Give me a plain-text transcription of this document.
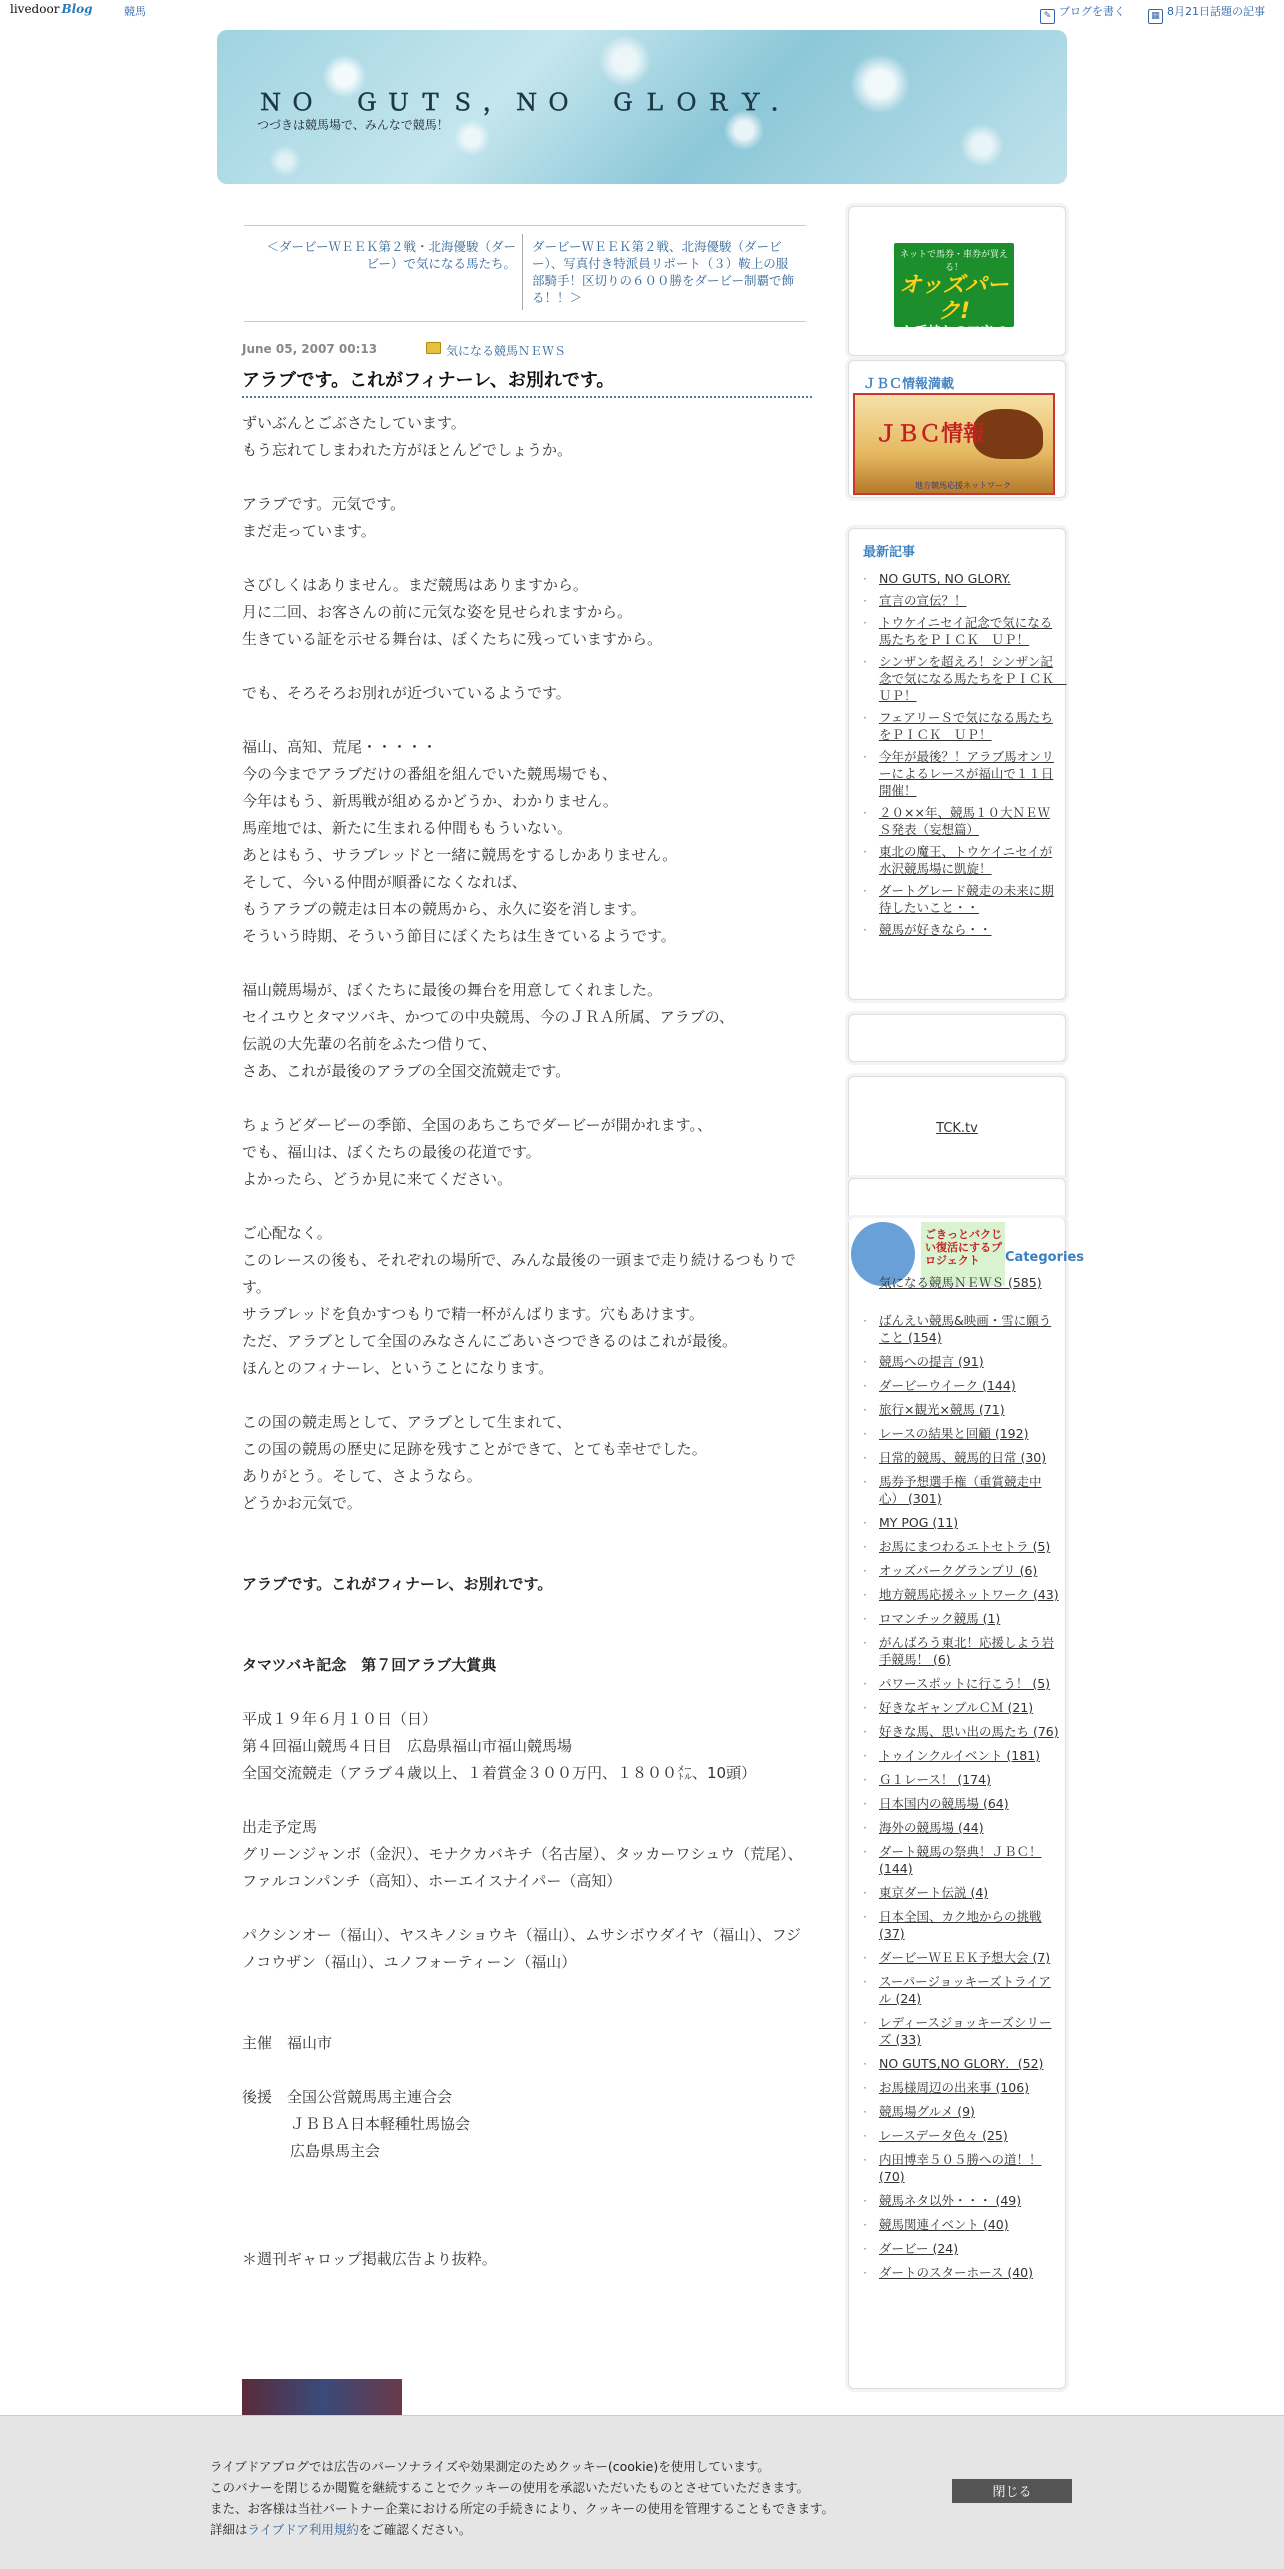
livedoor Blog	競馬	✎ ブログを書く	▦ 8月21日話題の記事
ＮＯ　ＧＵＴＳ，ＮＯ　ＧＬＯＲＹ．
つづきは競馬場で、みんなで競馬！
＜ダービーＷＥＥＫ第２戦・北海優駿（ダービー）で気になる馬たち。
ダービーＷＥＥＫ第２戦、北海優駿（ダービー）、写真付き特派員リポート（３）鞍上の服部騎手！区切りの６００勝をダービー制覇で飾る！！＞
June 05, 2007 00:13	気になる競馬ＮＥＷＳ
アラブです。これがフィナーレ、お別れです。

ずいぶんとごぶさたしています。
もう忘れてしまわれた方がほとんどでしょうか。

アラブです。元気です。
まだ走っています。

さびしくはありません。まだ競馬はありますから。
月に二回、お客さんの前に元気な姿を見せられますから。
生きている証を示せる舞台は、ぼくたちに残っていますから。

でも、そろそろお別れが近づいているようです。

福山、高知、荒尾・・・・・
今の今までアラブだけの番組を組んでいた競馬場でも、
今年はもう、新馬戦が組めるかどうか、わかりません。
馬産地では、新たに生まれる仲間ももういない。
あとはもう、サラブレッドと一緒に競馬をするしかありません。
そして、今いる仲間が順番になくなれば、
もうアラブの競走は日本の競馬から、永久に姿を消します。
そういう時期、そういう節目にぼくたちは生きているようです。

福山競馬場が、ぼくたちに最後の舞台を用意してくれました。
セイユウとタマツバキ、かつての中央競馬、今のＪＲＡ所属、アラブの、
伝説の大先輩の名前をふたつ借りて、
さあ、これが最後のアラブの全国交流競走です。

ちょうどダービーの季節、全国のあちこちでダービーが開かれます。、
でも、福山は、ぼくたちの最後の花道です。
よかったら、どうか見に来てください。

ご心配なく。
このレースの後も、それぞれの場所で、みんな最後の一頭まで走り続けるつもりです。
サラブレッドを負かすつもりで精一杯がんばります。穴もあけます。
ただ、アラブとして全国のみなさんにごあいさつできるのはこれが最後。
ほんとのフィナーレ、ということになります。

この国の競走馬として、アラブとして生まれて、
この国の競馬の歴史に足跡を残すことができて、とても幸せでした。
ありがとう。そして、さようなら。
どうかお元気で。

アラブです。これがフィナーレ、お別れです。

タマツバキ記念　第７回アラブ大賞典

平成１９年６月１０日（日）
第４回福山競馬４日目　広島県福山市福山競馬場
全国交流競走（アラブ４歳以上、１着賞金３００万円、１８００㍍、10頭）

出走予定馬
グリーンジャンボ（金沢）、モナクカバキチ（名古屋）、タッカーワシュウ（荒尾）、ファルコンパンチ（高知）、ホーエイスナイパー（高知）

パクシンオー（福山）、ヤスキノショウキ（福山）、ムサシボウダイヤ（福山）、フジノコウザン（福山）、ユノフォーティーン（福山）

主催　福山市

後援　全国公営競馬馬主連合会
ＪＢＢＡ日本軽種牡馬協会
広島県馬主会

＊週刊ギャロップ掲載広告より抜粋。

ネットで馬券・車券が買える！
オッズパーク!
お手持ちの口座で
簡単登録！
ＪＢＣ情報満載
ＪＢＣ情報
地方競馬応援ネットワーク
最新記事
· NO GUTS, NO GLORY.
· 宣言の宣伝？！
· トウケイニセイ記念で気になる馬たちをＰＩＣＫ　ＵＰ！
· シンザンを超えろ！シンザン記念で気になる馬たちをＰＩＣＫ　ＵＰ！
· フェアリーＳで気になる馬たちをＰＩＣＫ　ＵＰ！
· 今年が最後？！アラブ馬オンリーによるレースが福山で１１日開催！
· ２０××年、競馬１０大ＮＥＷＳ発表（妄想篇）
· 東北の魔王、トウケイニセイが水沢競馬場に凱旋！
· ダートグレード競走の未来に期待したいこと・・
· 競馬が好きなら・・
TCK.tv
ごきっとバクじい復活にするプロジェクト	Categories
気になる競馬ＮＥＷＳ (585)
· ばんえい競馬&映画・雪に願うこと (154)
· 競馬への提言 (91)
· ダービーウイーク (144)
· 旅行×観光×競馬 (71)
· レースの結果と回顧 (192)
· 日常的競馬、競馬的日常 (30)
· 馬券予想選手権（重賞競走中心） (301)
· MY POG (11)
· お馬にまつわるエトセトラ (5)
· オッズパークグランプリ (6)
· 地方競馬応援ネットワーク (43)
· ロマンチック競馬 (1)
· がんばろう東北！応援しよう岩手競馬！ (6)
· パワースポットに行こう！ (5)
· 好きなギャンブルＣＭ (21)
· 好きな馬、思い出の馬たち (76)
· トゥインクルイベント (181)
· Ｇ１レース！ (174)
· 日本国内の競馬場 (64)
· 海外の競馬場 (44)
· ダート競馬の祭典！ＪＢＣ！ (144)
· 東京ダート伝説 (4)
· 日本全国、カク地からの挑戦 (37)
· ダービーＷＥＥＫ予想大会 (7)
· スーパージョッキーズトライアル (24)
· レディースジョッキーズシリーズ (33)
· NO GUTS,NO GLORY．(52)
· お馬様周辺の出来事 (106)
· 競馬場グルメ (9)
· レースデータ色々 (25)
· 内田博幸５０５勝への道！！ (70)
· 競馬ネタ以外・・・ (49)
· 競馬関連イベント (40)
· ダービー (24)
· ダートのスターホース (40)

ライブドアブログでは広告のパーソナライズや効果測定のためクッキー(cookie)を使用しています。

このバナーを閉じるか閲覧を継続することでクッキーの使用を承認いただいたものとさせていただきます。

また、お客様は当社パートナー企業における所定の手続きにより、クッキーの使用を管理することもできます。

詳細はライブドア利用規約をご確認ください。

閉じる
